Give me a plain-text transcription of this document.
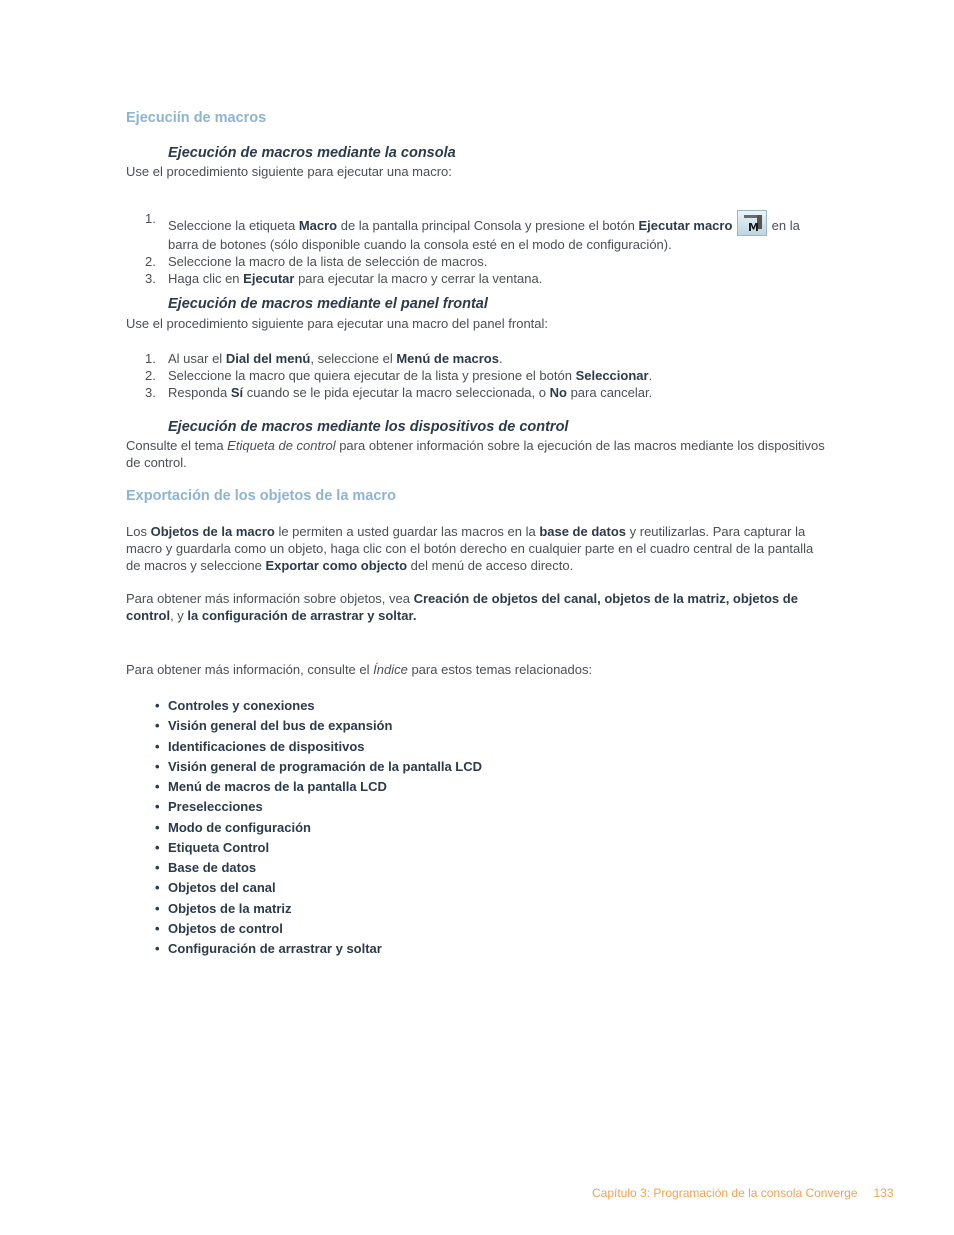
Ejecuciín de macros
Ejecución de macros mediante la consola
Use el procedimiento siguiente para ejecutar una macro:
1. Seleccione la etiqueta Macro de la pantalla principal Consola y presione el botón Ejecutar macro M en la barra de botones (sólo disponible cuando la consola esté en el modo de configuración).
2. Seleccione la macro de la lista de selección de macros.
3. Haga clic en Ejecutar para ejecutar la macro y cerrar la ventana.
Ejecución de macros mediante el panel frontal
Use el procedimiento siguiente para ejecutar una macro del panel frontal:
1. Al usar el Dial del menú, seleccione el Menú de macros.
2. Seleccione la macro que quiera ejecutar de la lista y presione el botón Seleccionar.
3. Responda Sí cuando se le pida ejecutar la macro seleccionada, o No para cancelar.
Ejecución de macros mediante los dispositivos de control
Consulte el tema Etiqueta de control para obtener información sobre la ejecución de las macros mediante los dispositivos de control.
Exportación de los objetos de la macro
Los Objetos de la macro le permiten a usted guardar las macros en la base de datos y reutilizarlas. Para capturar la macro y guardarla como un objeto, haga clic con el botón derecho en cualquier parte en el cuadro central de la pantalla de macros y seleccione Exportar como objecto del menú de acceso directo.
Para obtener más información sobre objetos, vea Creación de objetos del canal, objetos de la matriz, objetos de control, y la configuración de arrastrar y soltar.
Para obtener más información, consulte el Índice para estos temas relacionados:
• Controles y conexiones
• Visión general del bus de expansión
• Identificaciones de dispositivos
• Visión general de programación de la pantalla LCD
• Menú de macros de la pantalla LCD
• Preselecciones
• Modo de configuración
• Etiqueta Control
• Base de datos
• Objetos del canal
• Objetos de la matriz
• Objetos de control
• Configuración de arrastrar y soltar
Capítulo 3: Programación de la consola Converge 133
